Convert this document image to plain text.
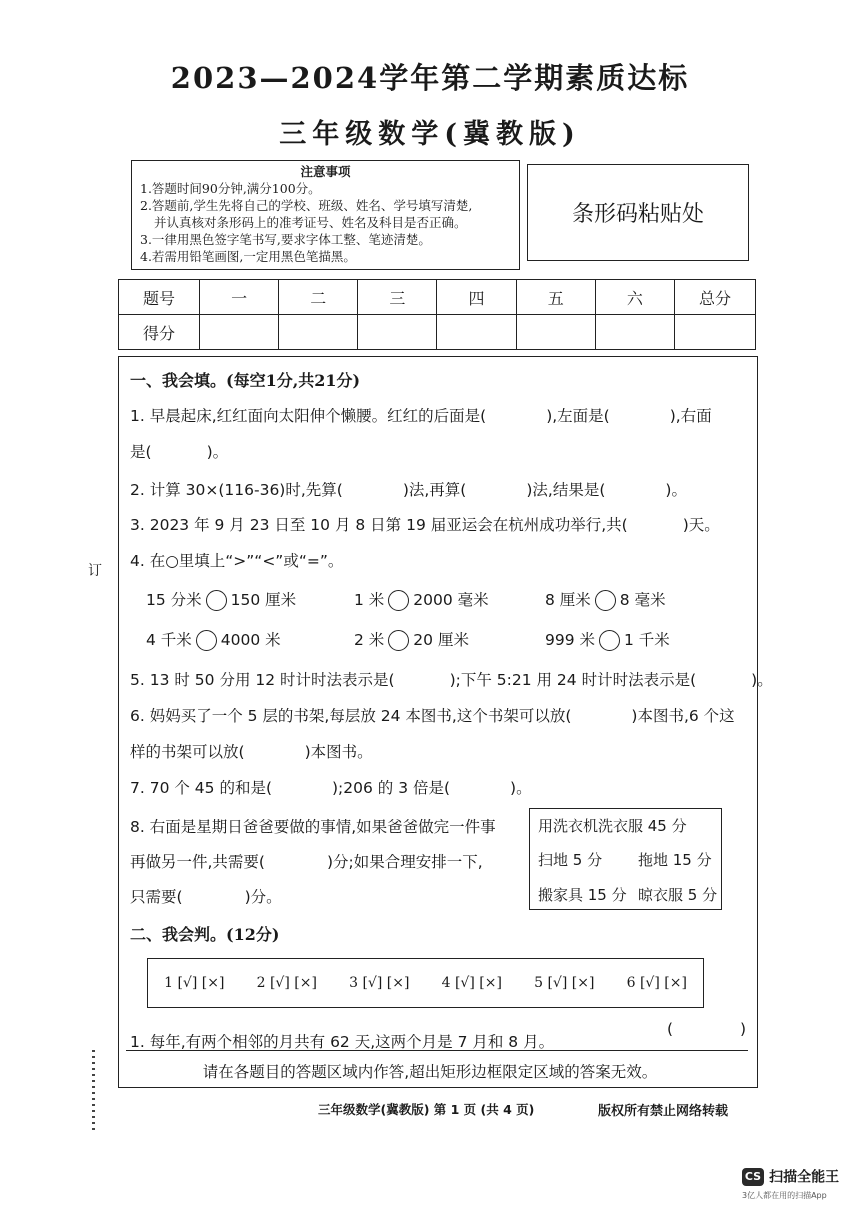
2023—2024学年第二学期素质达标
三年级数学(冀教版)
注意事项
1.答题时间90分钟,满分100分。
2.答题前,学生先将自己的学校、班级、姓名、学号填写清楚,
并认真核对条形码上的准考证号、姓名及科目是否正确。
3.一律用黑色签字笔书写,要求字体工整、笔迹清楚。
4.若需用铅笔画图,一定用黑色笔描黑。
条形码粘贴处
订
题号	一	二	三	四	五	六	总分
得分							
一、我会填。(每空1分,共21分)
1. 早晨起床,红红面向太阳伸个懒腰。红红的后面是(	),左面是(	),右面
是(	)。
2. 计算 30×(116-36)时,先算(	)法,再算(	)法,结果是(	)。
3. 2023 年 9 月 23 日至 10 月 8 日第 19 届亚运会在杭州成功举行,共(	)天。
4. 在○里填上“>”“<”或“=”。
15 分米 150 厘米	1 米 2000 毫米	8 厘米 8 毫米
4 千米 4000 米	2 米 20 厘米	999 米 1 千米
5. 13 时 50 分用 12 时计时法表示是(	);下午 5:21 用 24 时计时法表示是(	)。
6. 妈妈买了一个 5 层的书架,每层放 24 本图书,这个书架可以放(	)本图书,6 个这
样的书架可以放(	)本图书。
7. 70 个 45 的和是(	);206 的 3 倍是(	)。
8. 右面是星期日爸爸要做的事情,如果爸爸做完一件事
再做另一件,共需要(	)分;如果合理安排一下,
只需要(	)分。
用洗衣机洗衣服 45 分
扫地 5 分 拖地 15 分
搬家具 15 分 晾衣服 5 分
二、我会判。(12分)
1 [√] [×] 2 [√] [×] 3 [√] [×] 4 [√] [×] 5 [√] [×] 6 [√] [×]
1. 每年,有两个相邻的月共有 62 天,这两个月是 7 月和 8 月。
(	)
请在各题目的答题区域内作答,超出矩形边框限定区域的答案无效。
三年级数学(冀教版) 第 1 页 (共 4 页)	版权所有禁止网络转载
CS 扫描全能王
3亿人都在用的扫描App
